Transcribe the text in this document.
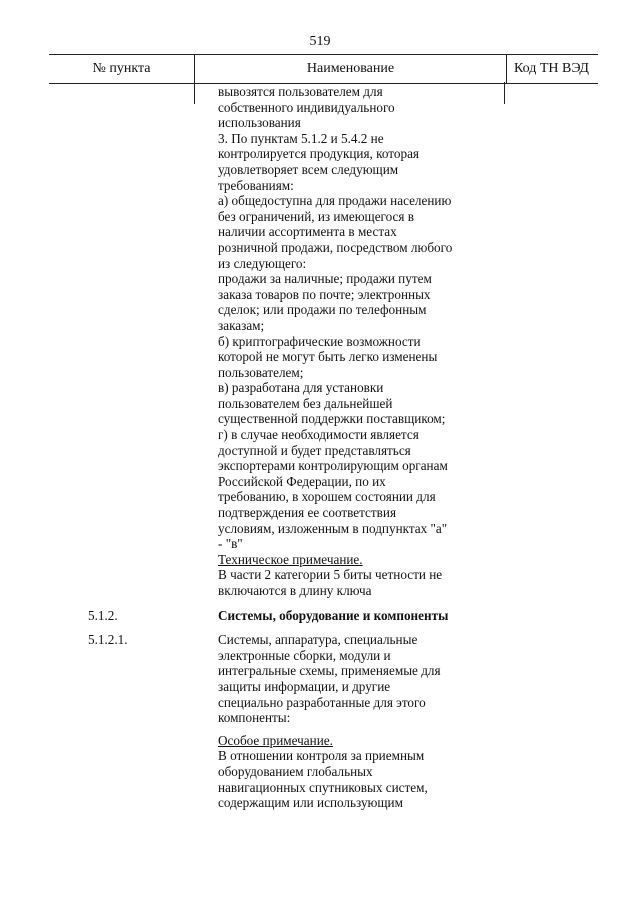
519
№ пункта	Наименование	Код ТН ВЭД
вывозятся пользователем для
собственного индивидуального
использования
3. По пунктам 5.1.2 и 5.4.2 не
контролируется продукция, которая
удовлетворяет всем следующим
требованиям:
а) общедоступна для продажи населению
без ограничений, из имеющегося в
наличии ассортимента в местах
розничной продажи, посредством любого
из следующего:
продажи за наличные; продажи путем
заказа товаров по почте; электронных
сделок; или продажи по телефонным
заказам;
б) криптографические возможности
которой не могут быть легко изменены
пользователем;
в) разработана для установки
пользователем без дальнейшей
существенной поддержки поставщиком;
г) в случае необходимости является
доступной и будет представляться
экспортерами контролирующим органам
Российской Федерации, по их
требованию, в хорошем состоянии для
подтверждения ее соответствия
условиям, изложенным в подпунктах "а"
- "в"
Техническое примечание.
В части 2 категории 5 биты четности не
включаются в длину ключа
Системы, оборудование и компоненты
Системы, аппаратура, специальные
электронные сборки, модули и
интегральные схемы, применяемые для
защиты информации, и другие
специально разработанные для этого
компоненты:
Особое примечание.
В отношении контроля за приемным
оборудованием глобальных
навигационных спутниковых систем,
содержащим или использующим
5.1.2.
5.1.2.1.
